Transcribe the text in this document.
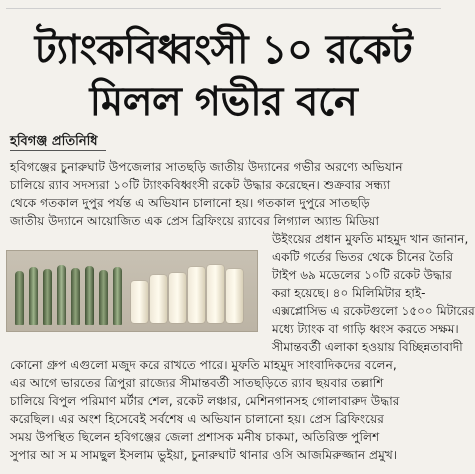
ট্যাংকবিধ্বংসী ১০ রকেট
মিলল গভীর বনে
হবিগঞ্জ প্রতিনিধি
হবিগঞ্জের চুনারুঘাট উপজেলার সাতছড়ি জাতীয় উদ্যানের গভীর অরণ্যে অভিযান
চালিয়ে র‍্যাব সদস্যরা ১০টি ট্যাংকবিধ্বংসী রকেট উদ্ধার করেছেন। শুক্রবার সন্ধ্যা
থেকে গতকাল দুপুর পর্যন্ত এ অভিযান চালানো হয়। গতকাল দুপুরে সাতছড়ি
জাতীয় উদ্যানে আয়োজিত এক প্রেস ব্রিফিংয়ে র‍্যাবের লিগ্যাল অ্যান্ড মিডিয়া
উইংয়ের প্রধান মুফতি মাহমুদ খান জানান,
একটি গর্তের ভিতর থেকে চীনের তৈরি
টাইপ ৬৯ মডেলের ১০টি রকেট উদ্ধার
করা হয়েছে। ৪০ মিলিমিটার হাই-
এক্সপ্লোসিভ এ রকেটগুলো ১৫০০ মিটারের
মধ্যে ট্যাংক বা গাড়ি ধ্বংস করতে সক্ষম।
সীমান্তবর্তী এলাকা হওয়ায় বিচ্ছিন্নতাবাদী
কোনো গ্রুপ এগুলো মজুদ করে রাখতে পারে। মুফতি মাহমুদ সাংবাদিকদের বলেন,
এর আগে ভারতের ত্রিপুরা রাজ্যের সীমান্তবর্তী সাতছড়িতে র‍্যাব ছয়বার তল্লাশি
চালিয়ে বিপুল পরিমাণ মর্টার শেল, রকেট লঞ্চার, মেশিনগানসহ গোলাবারুদ উদ্ধার
করেছিল। এর অংশ হিসেবেই সর্বশেষ এ অভিযান চালানো হয়। প্রেস ব্রিফিংয়ের
সময় উপস্থিত ছিলেন হবিগঞ্জের জেলা প্রশাসক মনীষ চাকমা, অতিরিক্ত পুলিশ
সুপার আ স ম সামছুল ইসলাম ভুইয়া, চুনারুঘাট থানার ওসি আজমিরুজ্জান প্রমুখ।
